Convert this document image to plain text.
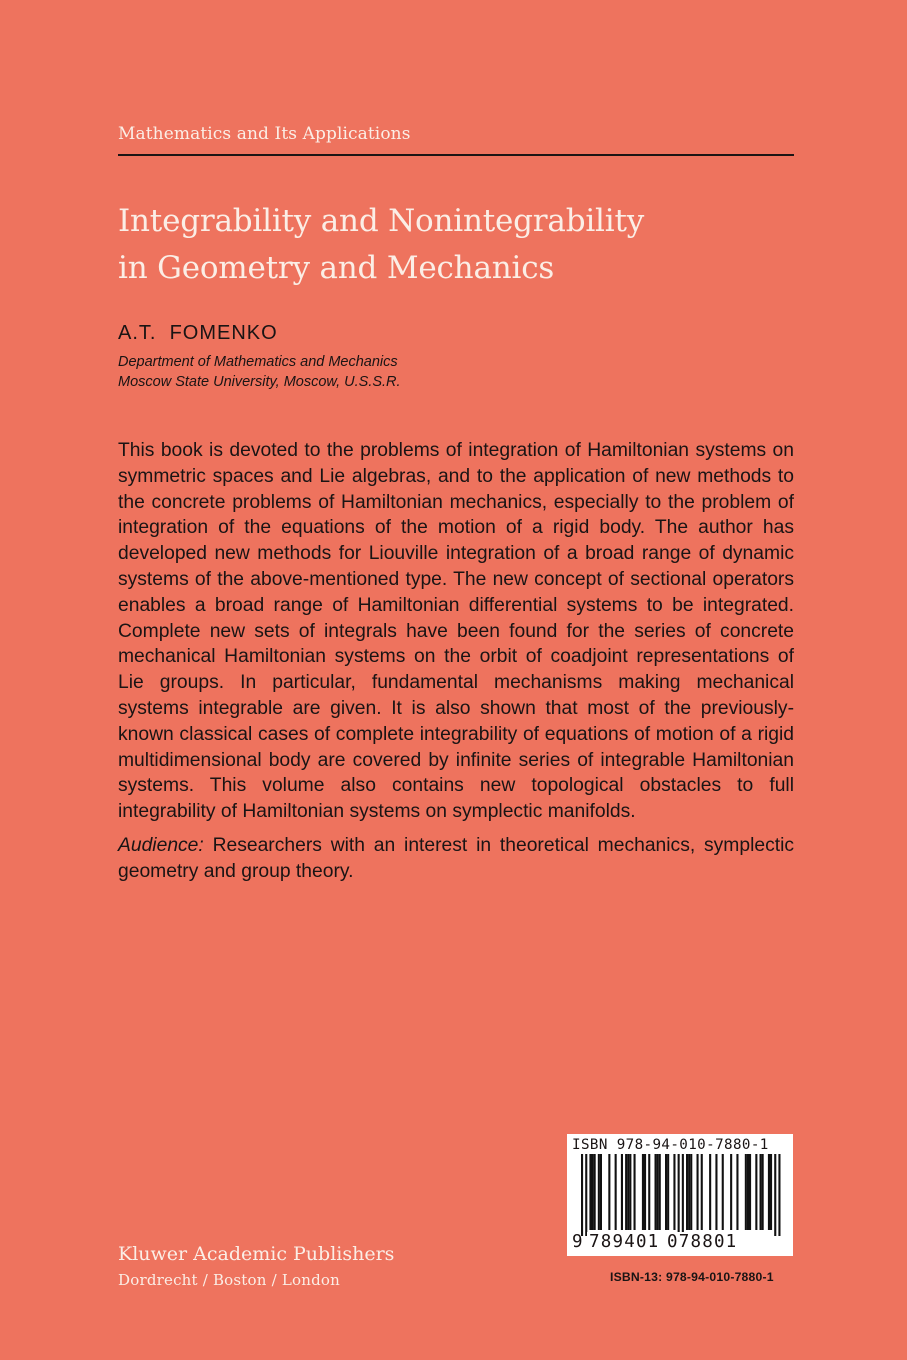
Mathematics and Its Applications
Integrability and Nonintegrability
in Geometry and Mechanics
A.T.  FOMENKO
Department of Mathematics and Mechanics
Moscow State University, Moscow, U.S.S.R.

This book is devoted to the problems of integration of Hamiltonian systems on symmetric spaces and Lie algebras, and to the application of new methods to the concrete problems of Hamiltonian mechanics, especially to the problem of integration of the equations of the motion of a rigid body. The author has developed new methods for Liouville integration of a broad range of dynamic systems of the above-mentioned type. The new concept of sectional operators enables a broad range of Hamiltonian differential systems to be integrated. Complete new sets of integrals have been found for the series of concrete mechanical Hamiltonian systems on the orbit of coadjoint representations of Lie groups. In particular, fundamental mechanisms making mechanical systems integrable are given. It is also shown that most of the previously-known classical cases of complete integrability of equations of motion of a rigid multidimensional body are covered by infinite series of integrable Hamiltonian systems. This volume also contains new topological obstacles to full integrability of Hamiltonian systems on symplectic manifolds.

Audience: Researchers with an interest in theoretical mechanics, symplectic geometry and group theory.

ISBN 978-94-010-7880-1
9 789401 078801
ISBN-13: 978-94-010-7880-1
Kluwer Academic Publishers
Dordrecht / Boston / London
